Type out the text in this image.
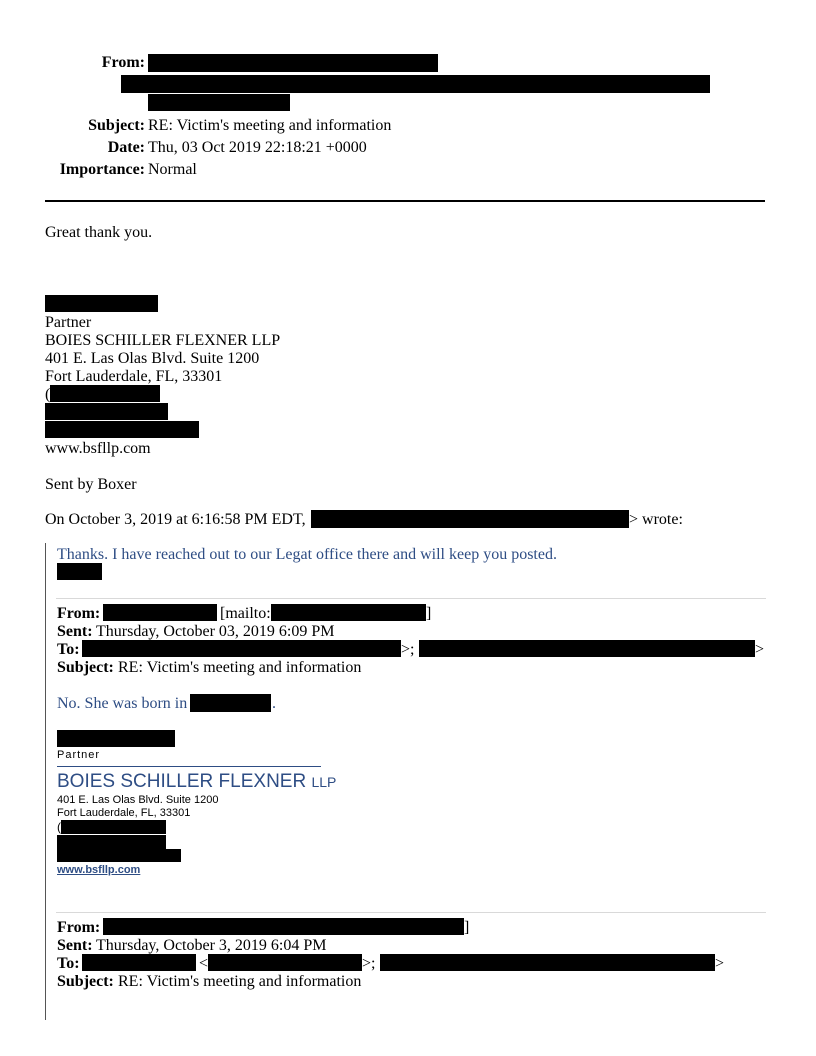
From:
Subject: RE: Victim's meeting and information
Date: Thu, 03 Oct 2019 22:18:21 +0000
Importance: Normal
Great thank you.
Partner
BOIES SCHILLER FLEXNER LLP
401 E. Las Olas Blvd. Suite 1200
Fort Lauderdale, FL, 33301
(
www.bsfllp.com
Sent by Boxer
On October 3, 2019 at 6:16:58 PM EDT,	> wrote:
Thanks. I have reached out to our Legat office there and will keep you posted.
From:	[mailto:	]
Sent: Thursday, October 03, 2019 6:09 PM
To:	>;	>
Subject: RE: Victim's meeting and information
No. She was born in	.
Partner
BOIES SCHILLER FLEXNER LLP
401 E. Las Olas Blvd. Suite 1200
Fort Lauderdale, FL, 33301
(
www.bsfllp.com
From:	]
Sent: Thursday, October 3, 2019 6:04 PM
To:	<	>;	>
Subject: RE: Victim's meeting and information
